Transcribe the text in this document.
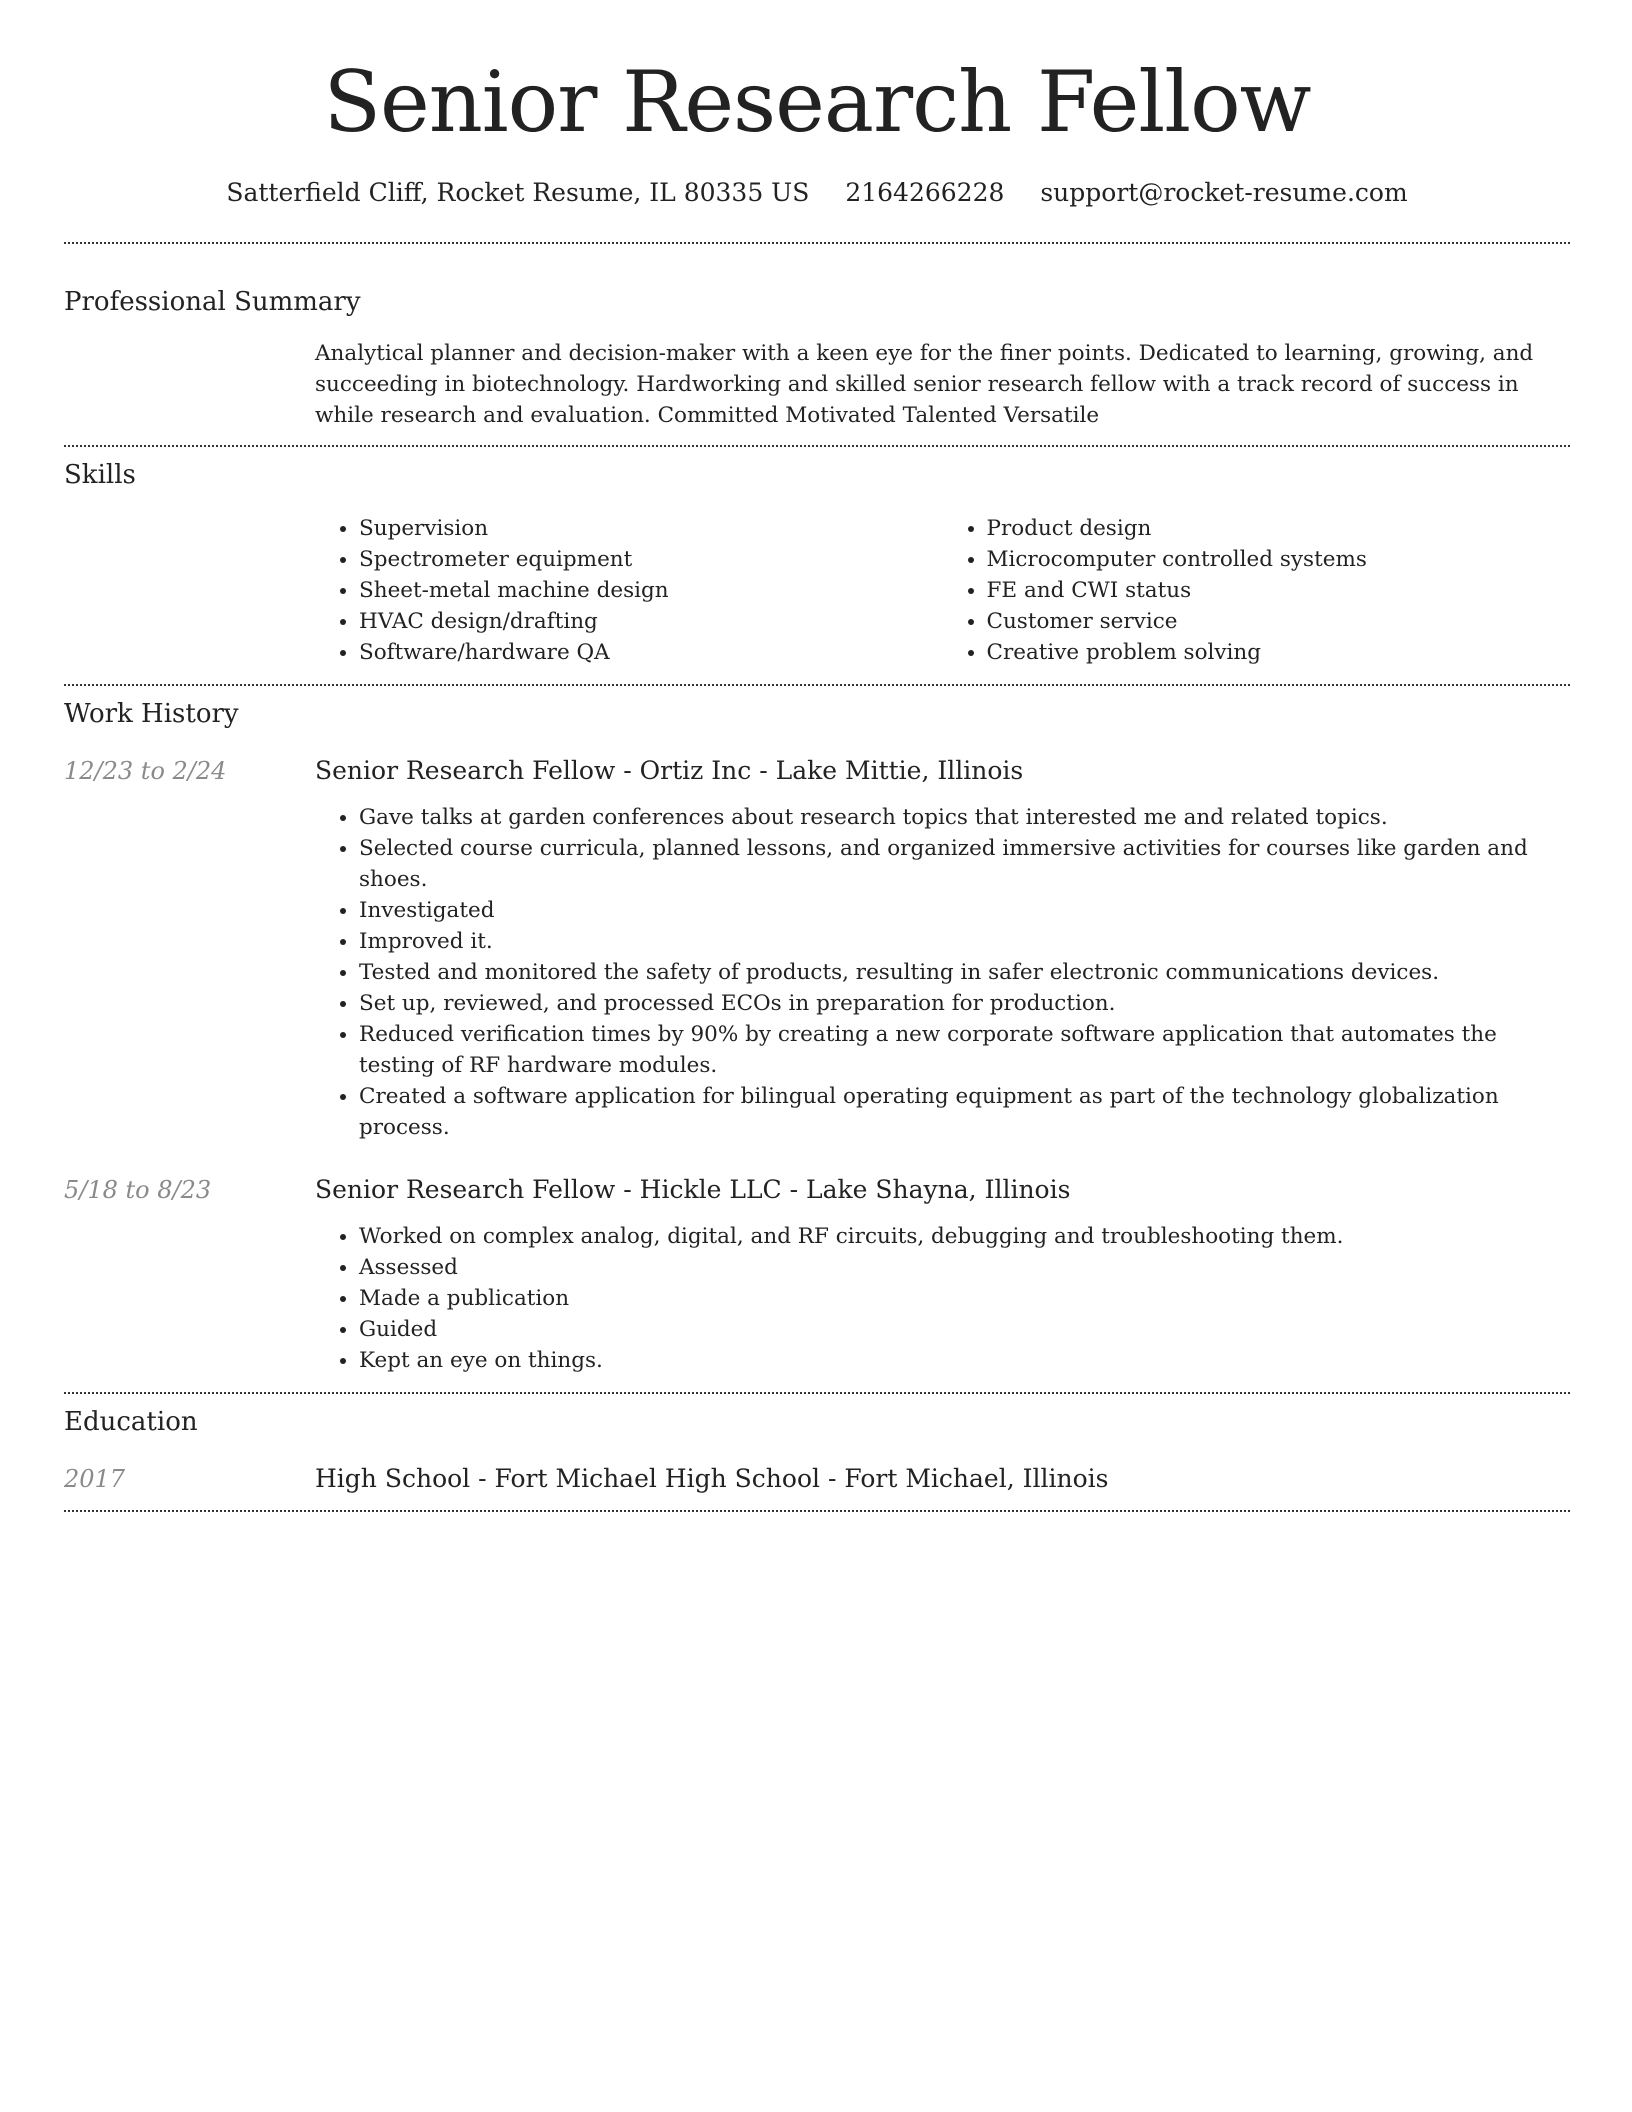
Senior Research Fellow
Satterfield Cliff, Rocket Resume, IL 80335 US 2164266228 support@rocket-resume.com
Professional Summary

Analytical planner and decision-maker with a keen eye for the finer points. Dedicated to learning, growing, and succeeding in biotechnology. Hardworking and skilled senior research fellow with a track record of success in while research and evaluation. Committed Motivated Talented Versatile

Skills
• Supervision
• Spectrometer equipment
• Sheet-metal machine design
• HVAC design/drafting
• Software/hardware QA
• Product design
• Microcomputer controlled systems
• FE and CWI status
• Customer service
• Creative problem solving
Work History
12/23 to 2/24	Senior Research Fellow - Ortiz Inc - Lake Mittie, Illinois
• Gave talks at garden conferences about research topics that interested me and related topics.
• Selected course curricula, planned lessons, and organized immersive activities for courses like garden and shoes.
• Investigated
• Improved it.
• Tested and monitored the safety of products, resulting in safer electronic communications devices.
• Set up, reviewed, and processed ECOs in preparation for production.
• Reduced verification times by 90% by creating a new corporate software application that automates the testing of RF hardware modules.
• Created a software application for bilingual operating equipment as part of the technology globalization process.
5/18 to 8/23	Senior Research Fellow - Hickle LLC - Lake Shayna, Illinois
• Worked on complex analog, digital, and RF circuits, debugging and troubleshooting them.
• Assessed
• Made a publication
• Guided
• Kept an eye on things.
Education
2017	High School - Fort Michael High School - Fort Michael, Illinois
